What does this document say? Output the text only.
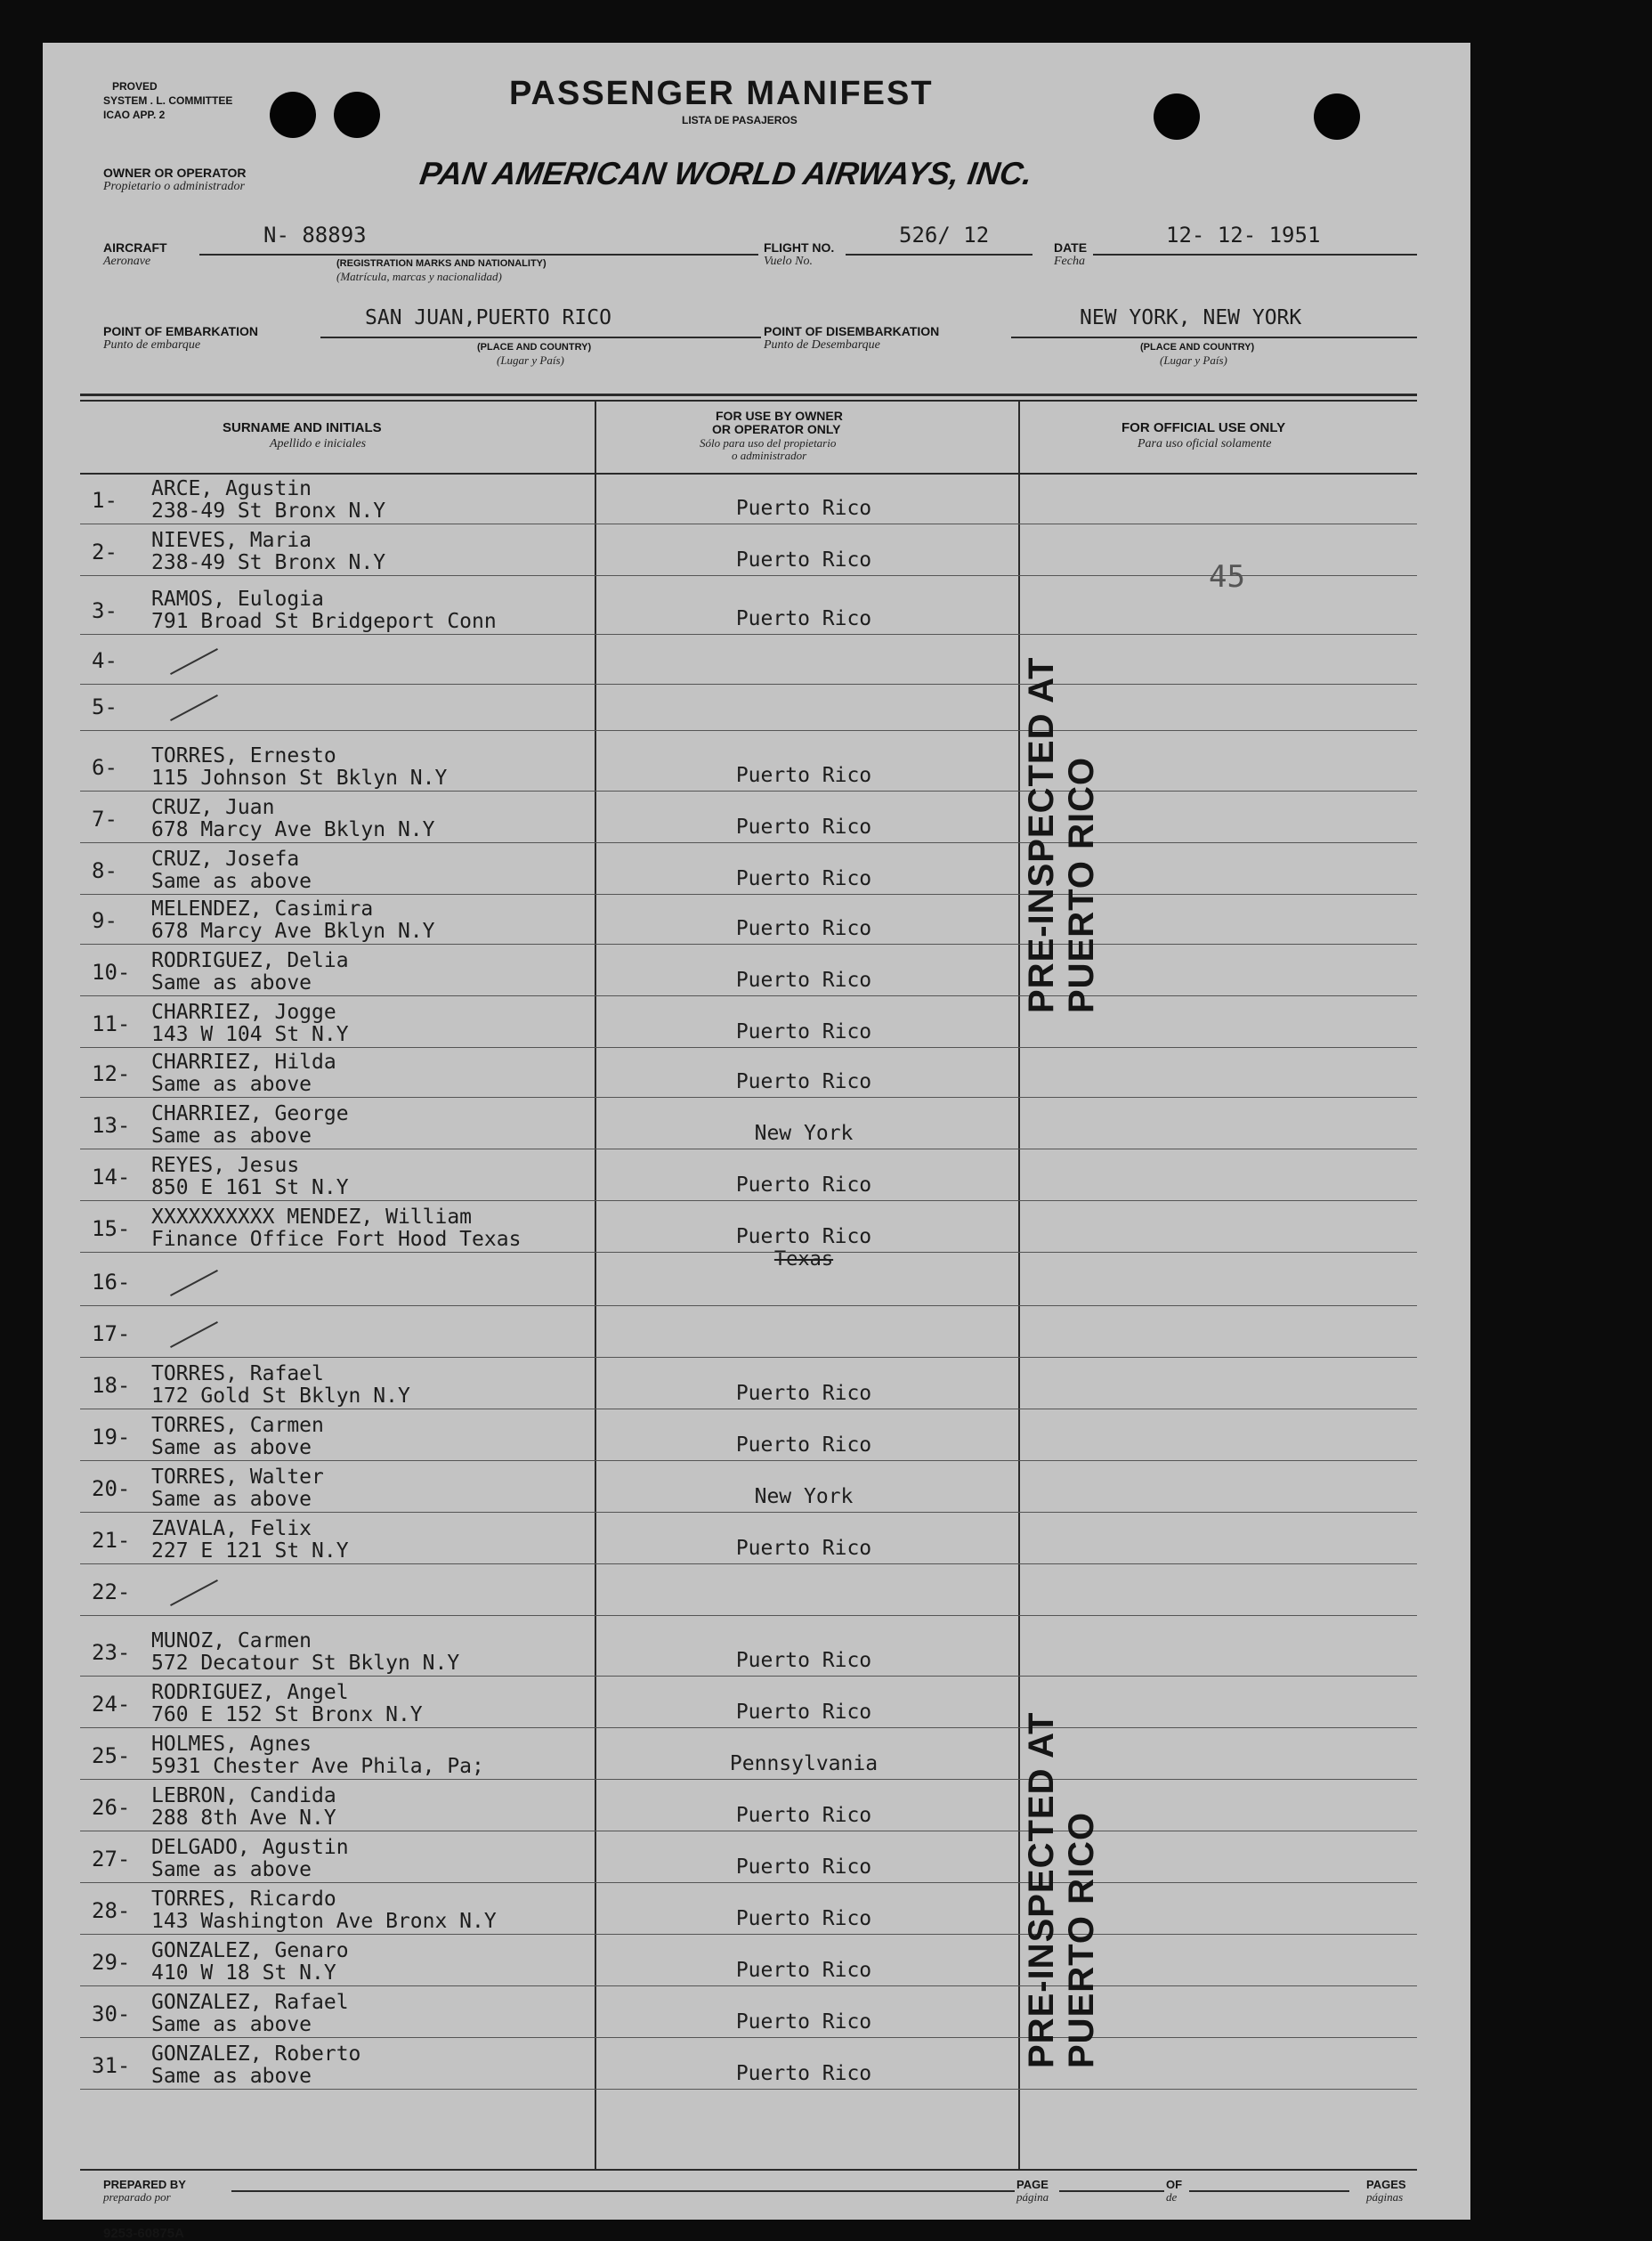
PROVED
SYSTEM . L. COMMITTEE
ICAO APP. 2
PASSENGER MANIFEST
LISTA DE PASAJEROS
OWNER OR OPERATOR
Propietario o administrador	PAN AMERICAN WORLD AIRWAYS, INC.
AIRCRAFT
Aeronave
N- 88893
(REGISTRATION MARKS AND NATIONALITY)
(Matrícula, marcas y nacionalidad)
FLIGHT NO.
Vuelo No.
526/ 12	DATE
Fecha
12- 12- 1951
POINT OF EMBARKATION
Punto de embarque
SAN JUAN,PUERTO RICO
(PLACE AND COUNTRY)
(Lugar y País)
POINT OF DISEMBARKATION
Punto de Desembarque
NEW YORK, NEW YORK
(PLACE AND COUNTRY)
(Lugar y País)
SURNAME AND INITIALS
Apellido e iniciales
FOR USE BY OWNER
OR OPERATOR ONLY
Sólo para uso del propietario
o administrador
FOR OFFICIAL USE ONLY
Para uso oficial solamente
1-	ARCE, Agustin
238-49 St Bronx N.Y	Puerto Rico
2-	NIEVES, Maria
238-49 St Bronx N.Y	Puerto Rico
3-	RAMOS, Eulogia
791 Broad St Bridgeport Conn	Puerto Rico
4-
5-
6-	TORRES, Ernesto
115 Johnson St Bklyn N.Y	Puerto Rico
7-	CRUZ, Juan
678 Marcy Ave Bklyn N.Y	Puerto Rico
8-	CRUZ, Josefa
Same as above	Puerto Rico
9-	MELENDEZ, Casimira
678 Marcy Ave Bklyn N.Y	Puerto Rico
10-	RODRIGUEZ, Delia
Same as above	Puerto Rico
11-	CHARRIEZ, Jogge
143 W 104 St N.Y	Puerto Rico
12-	CHARRIEZ, Hilda
Same as above	Puerto Rico
13-	CHARRIEZ, George
Same as above	New York
14-	REYES, Jesus
850 E 161 St N.Y	Puerto Rico
15-	XXXXXXXXXX MENDEZ, William
Finance Office Fort Hood Texas	Puerto Rico
Texas
16-
17-
18-	TORRES, Rafael
172 Gold St Bklyn N.Y	Puerto Rico
19-	TORRES, Carmen
Same as above	Puerto Rico
20-	TORRES, Walter
Same as above	New York
21-	ZAVALA, Felix
227 E 121 St N.Y	Puerto Rico
22-
23-	MUNOZ, Carmen
572 Decatour St Bklyn N.Y	Puerto Rico
24-	RODRIGUEZ, Angel
760 E 152 St Bronx N.Y	Puerto Rico
25-	HOLMES, Agnes
5931 Chester Ave Phila, Pa;	Pennsylvania
26-	LEBRON, Candida
288 8th Ave N.Y	Puerto Rico
27-	DELGADO, Agustin
Same as above	Puerto Rico
28-	TORRES, Ricardo
143 Washington Ave Bronx N.Y	Puerto Rico
29-	GONZALEZ, Genaro
410 W 18 St N.Y	Puerto Rico
30-	GONZALEZ, Rafael
Same as above	Puerto Rico
31-	GONZALEZ, Roberto
Same as above	Puerto Rico
PRE-INSPECTED AT PUERTO RICO
PRE-INSPECTED AT PUERTO RICO
45
PREPARED BY
preparado por
PAGE
página
OF
de
PAGES
páginas
9253-60875A
